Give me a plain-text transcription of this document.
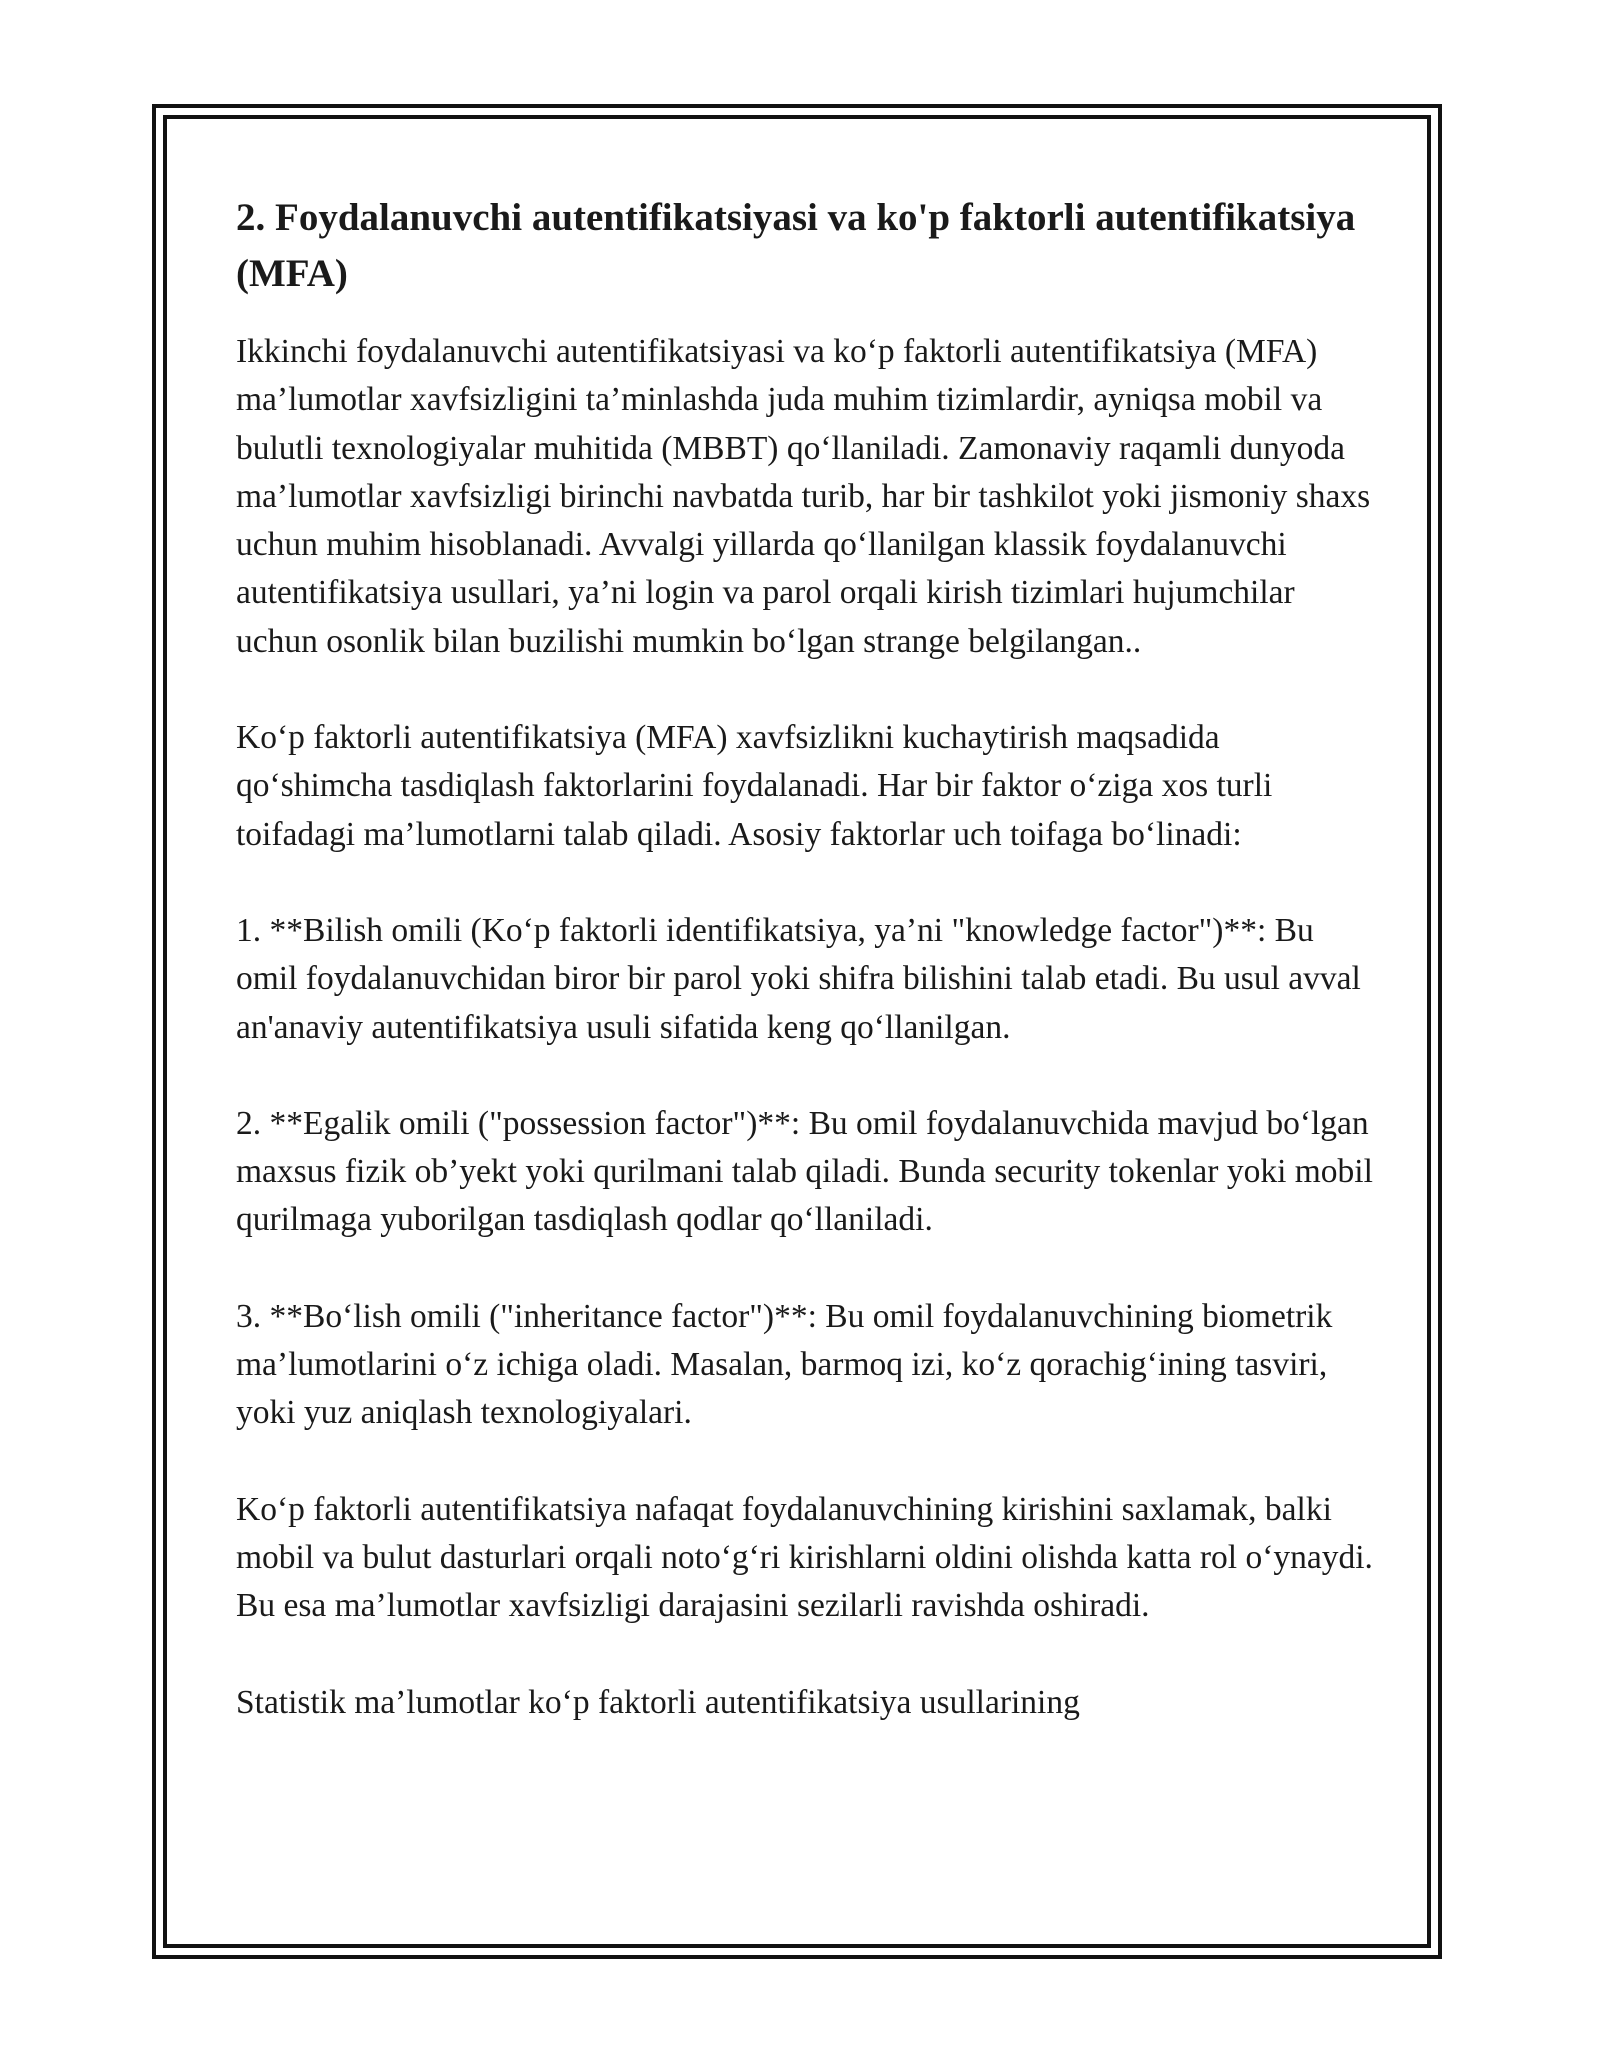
2. Foydalanuvchi autentifikatsiyasi va ko'p faktorli autentifikatsiya (MFA)

Ikkinchi foydalanuvchi autentifikatsiyasi va ko‘p faktorli autentifikatsiya (MFA) ma’lumotlar xavfsizligini ta’minlashda juda muhim tizimlardir, ayniqsa mobil va bulutli texnologiyalar muhitida (MBBT) qo‘llaniladi. Zamonaviy raqamli dunyoda ma’lumotlar xavfsizligi birinchi navbatda turib, har bir tashkilot yoki jismoniy shaxs uchun muhim hisoblanadi. Avvalgi yillarda qo‘llanilgan klassik foydalanuvchi autentifikatsiya usullari, ya’ni login va parol orqali kirish tizimlari hujumchilar uchun osonlik bilan buzilishi mumkin bo‘lgan strange belgilangan..

Ko‘p faktorli autentifikatsiya (MFA) xavfsizlikni kuchaytirish maqsadida qo‘shimcha tasdiqlash faktorlarini foydalanadi. Har bir faktor o‘ziga xos turli toifadagi ma’lumotlarni talab qiladi. Asosiy faktorlar uch toifaga bo‘linadi:

1. **Bilish omili (Ko‘p faktorli identifikatsiya, ya’ni "knowledge factor")**: Bu omil foydalanuvchidan biror bir parol yoki shifra bilishini talab etadi. Bu usul avval an'anaviy autentifikatsiya usuli sifatida keng qo‘llanilgan.

2. **Egalik omili ("possession factor")**: Bu omil foydalanuvchida mavjud bo‘lgan maxsus fizik ob’yekt yoki qurilmani talab qiladi. Bunda security tokenlar yoki mobil qurilmaga yuborilgan tasdiqlash qodlar qo‘llaniladi.

3. **Bo‘lish omili ("inheritance factor")**: Bu omil foydalanuvchining biometrik ma’lumotlarini o‘z ichiga oladi. Masalan, barmoq izi, ko‘z qorachig‘ining tasviri, yoki yuz aniqlash texnologiyalari.

Ko‘p faktorli autentifikatsiya nafaqat foydalanuvchining kirishini saxlamak, balki mobil va bulut dasturlari orqali noto‘g‘ri kirishlarni oldini olishda katta rol o‘ynaydi. Bu esa ma’lumotlar xavfsizligi darajasini sezilarli ravishda oshiradi.

Statistik ma’lumotlar ko‘p faktorli autentifikatsiya usullarining
